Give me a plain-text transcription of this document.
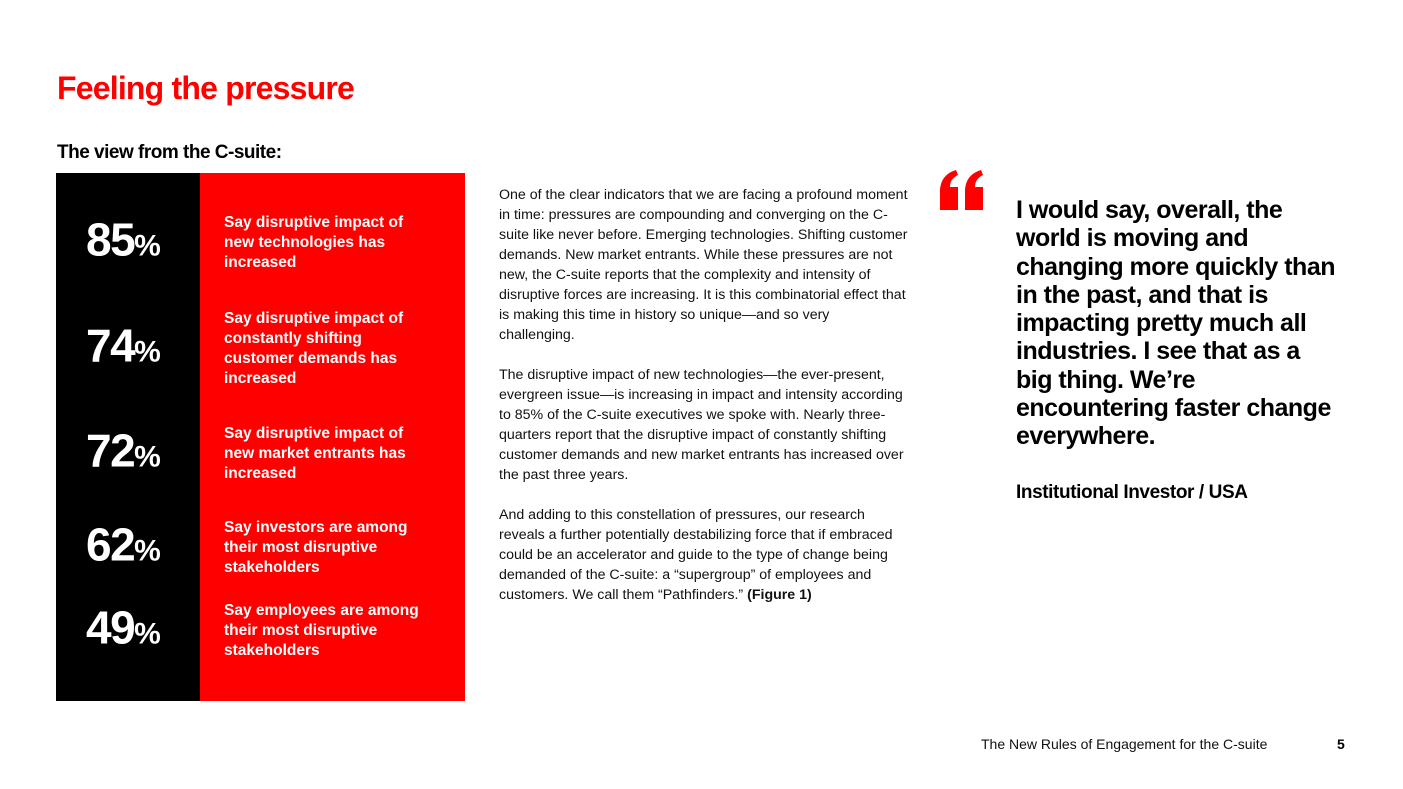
Feeling the pressure
The view from the C-suite:
85%

Say disruptive impact of new technologies has increased

74%

Say disruptive impact of constantly shifting customer demands has increased

72%

Say disruptive impact of new market entrants has increased

62%

Say investors are among their most disruptive stakeholders

49%

Say employees are among their most disruptive stakeholders

One of the clear indicators that we are facing a profound moment in time: pressures are compounding and converging on the C-suite like never before. Emerging technologies. Shifting customer demands. New market entrants. While these pressures are not new, the C-suite reports that the complexity and intensity of disruptive forces are increasing. It is this combinatorial effect that is making this time in history so unique—and so very challenging.

The disruptive impact of new technologies—the ever-present, evergreen issue—is increasing in impact and intensity according to 85% of the C-suite executives we spoke with. Nearly three-quarters report that the disruptive impact of constantly shifting customer demands and new market entrants has increased over the past three years.

And adding to this constellation of pressures, our research reveals a further potentially destabilizing force that if embraced could be an accelerator and guide to the type of change being demanded of the C-suite: a “supergroup” of employees and customers. We call them “Pathfinders.” (Figure 1)

I would say, overall, the world is moving and changing more quickly than in the past, and that is impacting pretty much all industries. I see that as a big thing. We’re encountering faster change everywhere.

Institutional Investor / USA

The New Rules of Engagement for the C-suite	5
